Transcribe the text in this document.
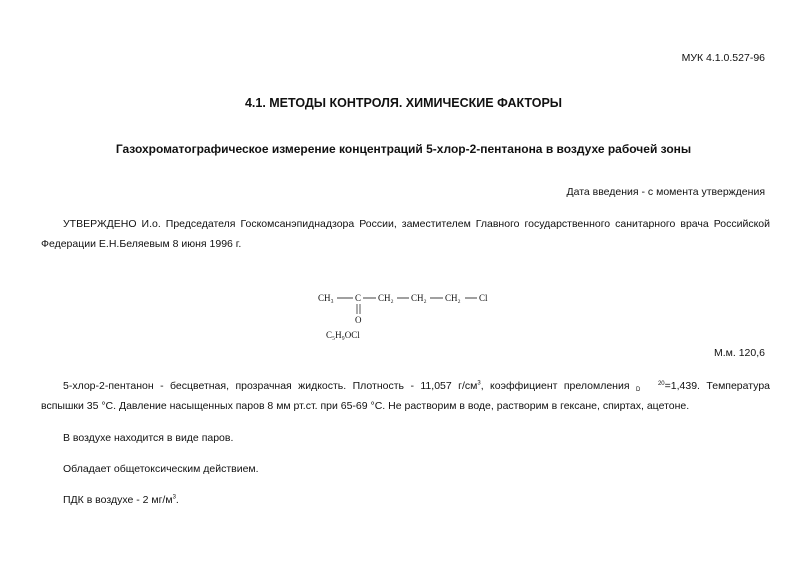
МУК 4.1.0.527-96
4.1. МЕТОДЫ КОНТРОЛЯ. ХИМИЧЕСКИЕ ФАКТОРЫ
Газохроматографическое измерение концентраций 5-хлор-2-пентанона в воздухе рабочей зоны
Дата введения - с момента утверждения
УТВЕРЖДЕНО И.о. Председателя Госкомсанэпиднадзора России, заместителем Главного государственного санитарного врача Российской Федерации Е.Н.Беляевым 8 июня 1996 г.
CH₃ C CH₂ CH₂ CH₂ Cl
O
C₅H₉OCl
М.м. 120,6
5-хлор-2-пентанон - бесцветная, прозрачная жидкость. Плотность - 11,057 $г/см^3$, коэффициент преломления	20
D =1,439. Температура вспышки 35 °С. Давление насыщенных паров 8 мм рт.ст. при 65-69 °С. Не растворим в воде, растворим в гексане, спиртах, ацетоне.
В воздухе находится в виде паров.
Обладает общетоксическим действием.
ПДК в воздухе - 2 $мг/м^3$.
